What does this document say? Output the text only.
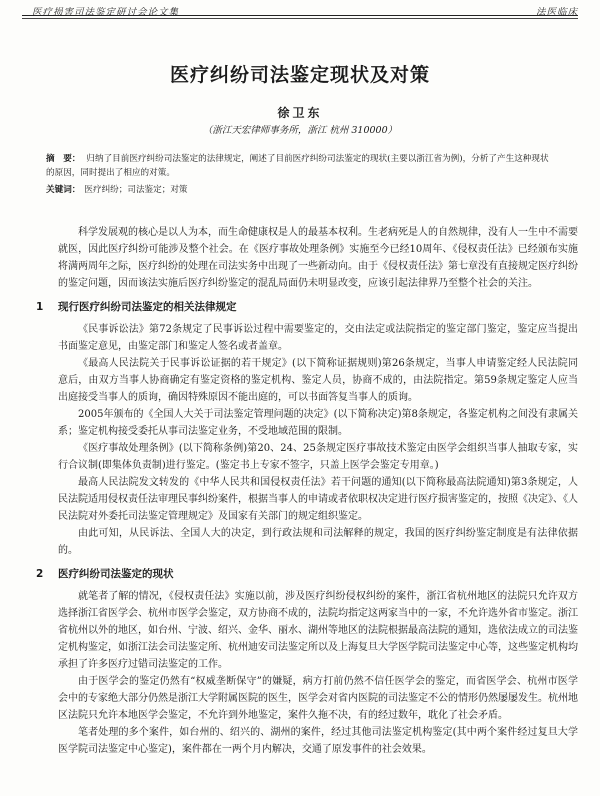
医疗损害司法鉴定研讨会论文集	法医临床
医疗纠纷司法鉴定现状及对策
徐卫东
（浙江天宏律师事务所，浙江 杭州 310000）
摘　要： 归纳了目前医疗纠纷司法鉴定的法律规定，阐述了目前医疗纠纷司法鉴定的现状(主要以浙江省为例)，分析了产生这种现状的原因，同时提出了相应的对策。
关键词： 医疗纠纷；司法鉴定；对策

科学发展观的核心是以人为本，而生命健康权是人的最基本权利。生老病死是人的自然规律，没有人一生中不需要就医，因此医疗纠纷可能涉及整个社会。在《医疗事故处理条例》实施至今已经10周年、《侵权责任法》已经颁布实施将满两周年之际，医疗纠纷的处理在司法实务中出现了一些新动向。由于《侵权责任法》第七章没有直接规定医疗纠纷的鉴定问题，因而该法实施后医疗纠纷鉴定的混乱局面仍未明显改变，应该引起法律界乃至整个社会的关注。

1 现行医疗纠纷司法鉴定的相关法律规定

《民事诉讼法》第72条规定了民事诉讼过程中需要鉴定的，交由法定或法院指定的鉴定部门鉴定，鉴定应当提出书面鉴定意见，由鉴定部门和鉴定人签名或者盖章。

《最高人民法院关于民事诉讼证据的若干规定》(以下简称证据规则)第26条规定，当事人申请鉴定经人民法院同意后，由双方当事人协商确定有鉴定资格的鉴定机构、鉴定人员，协商不成的，由法院指定。第59条规定鉴定人应当出庭接受当事人的质询，确因特殊原因不能出庭的，可以书面答复当事人的质询。

2005年颁布的《全国人大关于司法鉴定管理问题的决定》(以下简称决定)第8条规定，各鉴定机构之间没有隶属关系；鉴定机构接受委托从事司法鉴定业务，不受地域范围的限制。

《医疗事故处理条例》(以下简称条例)第20、24、25条规定医疗事故技术鉴定由医学会组织当事人抽取专家，实行合议制(即集体负责制)进行鉴定。(鉴定书上专家不签字，只盖上医学会鉴定专用章。)

最高人民法院发文转发的《中华人民共和国侵权责任法》若干问题的通知(以下简称最高法院通知)第3条规定，人民法院适用侵权责任法审理民事纠纷案件，根据当事人的申请或者依职权决定进行医疗损害鉴定的，按照《决定》、《人民法院对外委托司法鉴定管理规定》及国家有关部门的规定组织鉴定。

由此可知，从民诉法、全国人大的决定，到行政法规和司法解释的规定，我国的医疗纠纷鉴定制度是有法律依据的。

2 医疗纠纷司法鉴定的现状

就笔者了解的情况，《侵权责任法》实施以前，涉及医疗纠纷侵权纠纷的案件，浙江省杭州地区的法院只允许双方选择浙江省医学会、杭州市医学会鉴定，双方协商不成的，法院均指定这两家当中的一家，不允许选外省市鉴定。浙江省杭州以外的地区，如台州、宁波、绍兴、金华、丽水、湖州等地区的法院根据最高法院的通知，选依法成立的司法鉴定机构鉴定，如浙江法会司法鉴定所、杭州迪安司法鉴定所以及上海复旦大学医学院司法鉴定中心等，这些鉴定机构均承担了许多医疗过错司法鉴定的工作。

由于医学会的鉴定仍然有“权威垄断保守”的嫌疑，病方打前仍然不信任医学会的鉴定，而省医学会、杭州市医学会中的专家绝大部分仍然是浙江大学附属医院的医生，医学会对省内医院的司法鉴定不公的情形仍然屡屡发生。杭州地区法院只允许本地医学会鉴定，不允许到外地鉴定，案件久拖不决，有的经过数年，耽化了社会矛盾。

笔者处理的多个案件，如台州的、绍兴的、湖州的案件，经过其他司法鉴定机构鉴定(其中两个案件经过复旦大学医学院司法鉴定中心鉴定)，案件都在一两个月内解决，交通了原发事件的社会效果。
